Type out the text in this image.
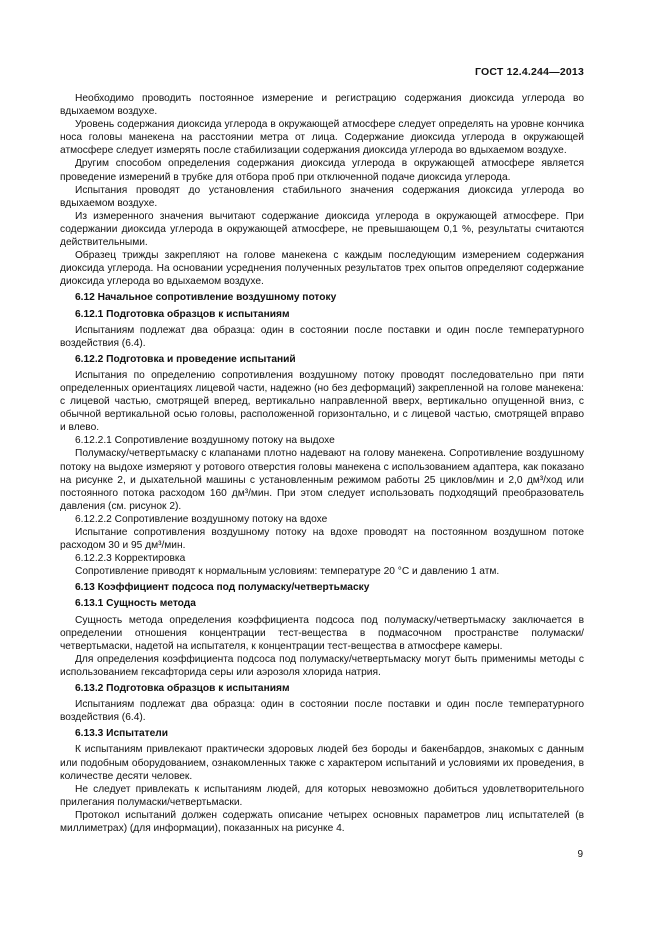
ГОСТ 12.4.244—2013

Необходимо проводить постоянное измерение и регистрацию содержания диоксида углерода во вдыхаемом воздухе.

Уровень содержания диоксида углерода в окружающей атмосфере следует определять на уровне кончика носа головы манекена на расстоянии метра от лица. Содержание диоксида углерода в окружающей атмосфере следует измерять после стабилизации содержания диоксида углерода во вдыхаемом воздухе.

Другим способом определения содержания диоксида углерода в окружающей атмосфере является проведение измерений в трубке для отбора проб при отключенной подаче диоксида углерода.

Испытания проводят до установления стабильного значения содержания диоксида углерода во вдыхаемом воздухе.

Из измеренного значения вычитают содержание диоксида углерода в окружающей атмосфере. При содержании диоксида углерода в окружающей атмосфере, не превышающем 0,1 %, результаты считаются действительными.

Образец трижды закрепляют на голове манекена с каждым последующим измерением содержания диоксида углерода. На основании усреднения полученных результатов трех опытов определяют содержание диоксида углерода во вдыхаемом воздухе.

6.12 Начальное сопротивление воздушному потоку

6.12.1 Подготовка образцов к испытаниям

Испытаниям подлежат два образца: один в состоянии после поставки и один после температурного воздействия (6.4).

6.12.2 Подготовка и проведение испытаний

Испытания по определению сопротивления воздушному потоку проводят последовательно при пяти определенных ориентациях лицевой части, надежно (но без деформаций) закрепленной на голове манекена: с лицевой частью, смотрящей вперед, вертикально направленной вверх, вертикально опущенной вниз, с обычной вертикальной осью головы, расположенной горизонтально, и с лицевой частью, смотрящей вправо и влево.

6.12.2.1 Сопротивление воздушному потоку на выдохе

Полумаску/четвертьмаску с клапанами плотно надевают на голову манекена. Сопротивление воздушному потоку на выдохе измеряют у ротового отверстия головы манекена с использованием адаптера, как показано на рисунке 2, и дыхательной машины с установленным режимом работы 25 циклов/мин и 2,0 дм³/ход или постоянного потока расходом 160 дм³/мин. При этом следует использовать подходящий преобразователь давления (см. рисунок 2).

6.12.2.2 Сопротивление воздушному потоку на вдохе

Испытание сопротивления воздушному потоку на вдохе проводят на постоянном воздушном потоке расходом 30 и 95 дм³/мин.

6.12.2.3 Корректировка

Сопротивление приводят к нормальным условиям: температуре 20 °С и давлению 1 атм.

6.13 Коэффициент подсоса под полумаску/четвертьмаску

6.13.1 Сущность метода

Сущность метода определения коэффициента подсоса под полумаску/четвертьмаску заключается в определении отношения концентрации тест-вещества в подмасочном пространстве полумаски/четвертьмаски, надетой на испытателя, к концентрации тест-вещества в атмосфере камеры.

Для определения коэффициента подсоса под полумаску/четвертьмаску могут быть применимы методы с использованием гексафторида серы или аэрозоля хлорида натрия.

6.13.2 Подготовка образцов к испытаниям

Испытаниям подлежат два образца: один в состоянии после поставки и один после температурного воздействия (6.4).

6.13.3 Испытатели

К испытаниям привлекают практически здоровых людей без бороды и бакенбардов, знакомых с данным или подобным оборудованием, ознакомленных также с характером испытаний и условиями их проведения, в количестве десяти человек.

Не следует привлекать к испытаниям людей, для которых невозможно добиться удовлетворительного прилегания полумаски/четвертьмаски.

Протокол испытаний должен содержать описание четырех основных параметров лиц испытателей (в миллиметрах) (для информации), показанных на рисунке 4.

9
